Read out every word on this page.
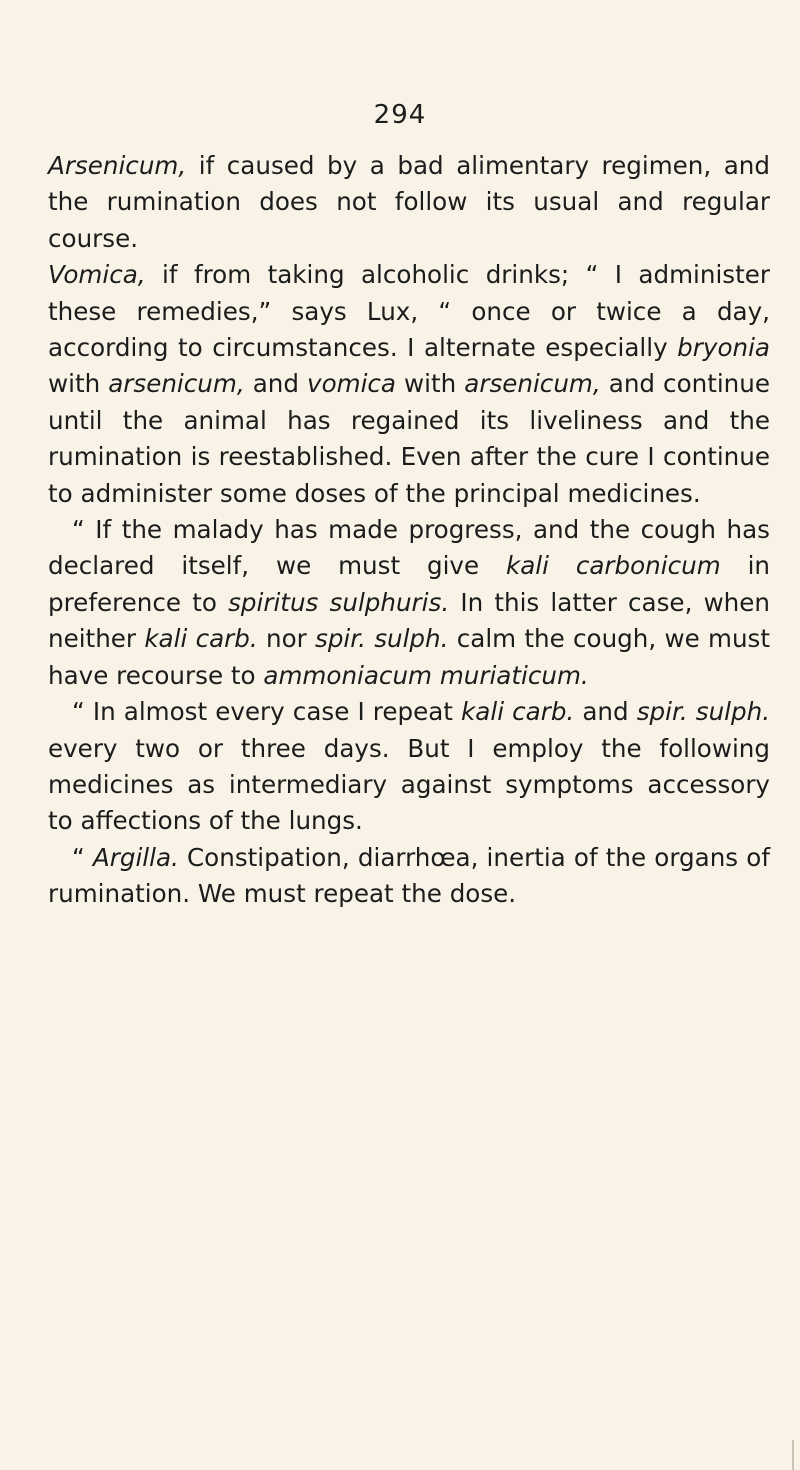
294

Arsenicum, if caused by a bad alimentary regimen, and the rumination does not follow its usual and regular course.

Vomica, if from taking alcoholic drinks; “ I administer these remedies,” says Lux, “ once or twice a day, according to circumstances. I alternate especially bryonia with arsenicum, and vomica with arsenicum, and continue until the animal has regained its liveliness and the rumination is reestablished. Even after the cure I continue to administer some doses of the principal medicines.

“ If the malady has made progress, and the cough has declared itself, we must give kali carbonicum in preference to spiritus sulphuris. In this latter case, when neither kali carb. nor spir. sulph. calm the cough, we must have recourse to ammoniacum muriaticum.

“ In almost every case I repeat kali carb. and spir. sulph. every two or three days. But I employ the following medicines as intermediary against symptoms accessory to affections of the lungs.

“ Argilla. Constipation, diarrhœa, inertia of the organs of rumination. We must repeat the dose.
